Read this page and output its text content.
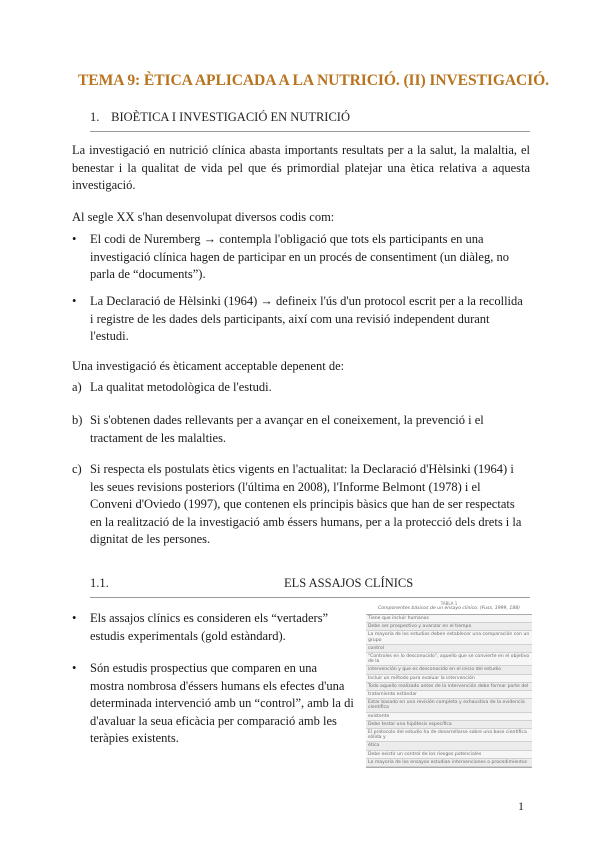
TEMA 9: ÈTICA APLICADA A LA NUTRICIÓ. (II) INVESTIGACIÓ.
1. BIOÈTICA I INVESTIGACIÓ EN NUTRICIÓ
La investigació en nutrició clínica abasta importants resultats per a la salut, la malaltia, el benestar i la qualitat de vida pel que és primordial platejar una ètica relativa a aquesta investigació.
Al segle XX s'han desenvolupat diversos codis com:
•	El codi de Nuremberg → contempla l'obligació que tots els participants en una
investigació clínica hagen de participar en un procés de consentiment (un diàleg, no
parla de “documents”).
•	La Declaració de Hèlsinki (1964) → defineix l'ús d'un protocol escrit per a la recollida
i registre de les dades dels participants, així com una revisió independent durant
l'estudi.
Una investigació és èticament acceptable depenent de:
a) La qualitat metodològica de l'estudi.
b) Si s'obtenen dades rellevants per a avançar en el coneixement, la prevenció i el
tractament de les malalties.
c) Si respecta els postulats ètics vigents en l'actualitat: la Declaració d'Hèlsinki (1964) i
les seues revisions posteriors (l'última en 2008), l'Informe Belmont (1978) i el
Conveni d'Oviedo (1997), que contenen els principis bàsics que han de ser respectats
en la realització de la investigació amb éssers humans, per a la protecció dels drets i la
dignitat de les persones.
1.1.	ELS ASSAJOS CLÍNICS
• Els assajos clínics es consideren els “vertaders”
estudis experimentals (gold estàndard).
• Són estudis prospectius que comparen en una
mostra nombrosa d'éssers humans els efectes d'una
determinada intervenció amb un “control”, amb la di
d'avaluar la seua eficàcia per comparació amb les
teràpies existents.
TABLA 1
Componentes básicos de un ensayo clínico. (Fuss, 1999, 188)
Tiene que incluir humanos
Debe ser prospectivo y avanzar en el tiempo
La mayoría de los estudios deben establecer una comparación con un grupo
control
"Controles en lo desconocido", aquello que se convierte en el objetivo de la
intervención y que es desconocido en el inicio del estudio
Incluir un método para evaluar la intervención
Todo aquello realizado antes de la intervención debe formar parte del
tratamiento estándar
Estar basado en una revisión completa y exhaustiva de la evidencia científica
existente
Debe testar una hipótesis específica
El protocolo del estudio ha de desarrollarse sobre una base científica sólida y
ética
Debe existir un control de los riesgos potenciales
La mayoría de los ensayos estudian intervenciones o procedimientos
1
